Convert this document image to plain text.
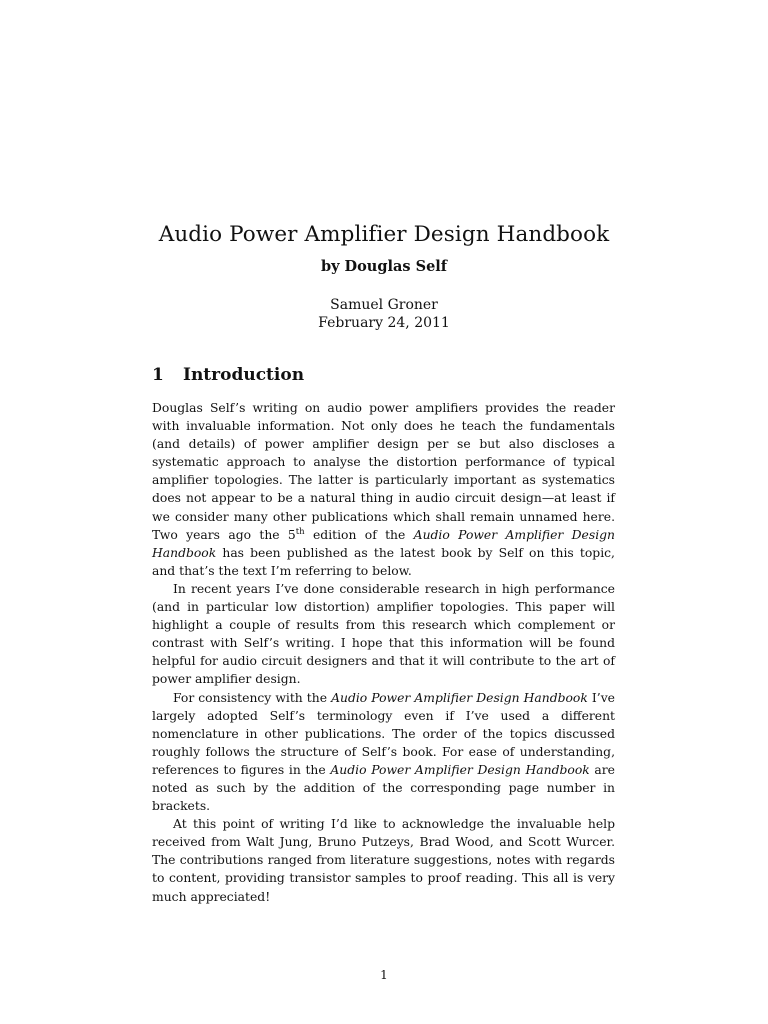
Audio Power Amplifier Design Handbook
by Douglas Self
Samuel Groner
February 24, 2011
1 Introduction

Douglas Self’s writing on audio power amplifiers provides the reader with invaluable information. Not only does he teach the fundamentals (and details) of power amplifier design per se but also discloses a systematic approach to analyse the distortion performance of typical amplifier topologies. The latter is particularly important as systematics does not appear to be a natural thing in audio circuit design—at least if we consider many other publications which shall remain unnamed here. Two years ago the 5th edition of the Audio Power Amplifier Design Handbook has been published as the latest book by Self on this topic, and that’s the text I’m referring to below.

In recent years I’ve done considerable research in high performance (and in particular low distortion) amplifier topologies. This paper will highlight a couple of results from this research which complement or contrast with Self’s writing. I hope that this information will be found helpful for audio circuit designers and that it will contribute to the art of power amplifier design.

For consistency with the Audio Power Amplifier Design Handbook I’ve largely adopted Self’s terminology even if I’ve used a different nomenclature in other publications. The order of the topics discussed roughly follows the structure of Self’s book. For ease of understanding, references to figures in the Audio Power Amplifier Design Handbook are noted as such by the addition of the corresponding page number in brackets.

At this point of writing I’d like to acknowledge the invaluable help received from Walt Jung, Bruno Putzeys, Brad Wood, and Scott Wurcer. The contributions ranged from literature suggestions, notes with regards to content, providing transistor samples to proof reading. This all is very much appreciated!

1
